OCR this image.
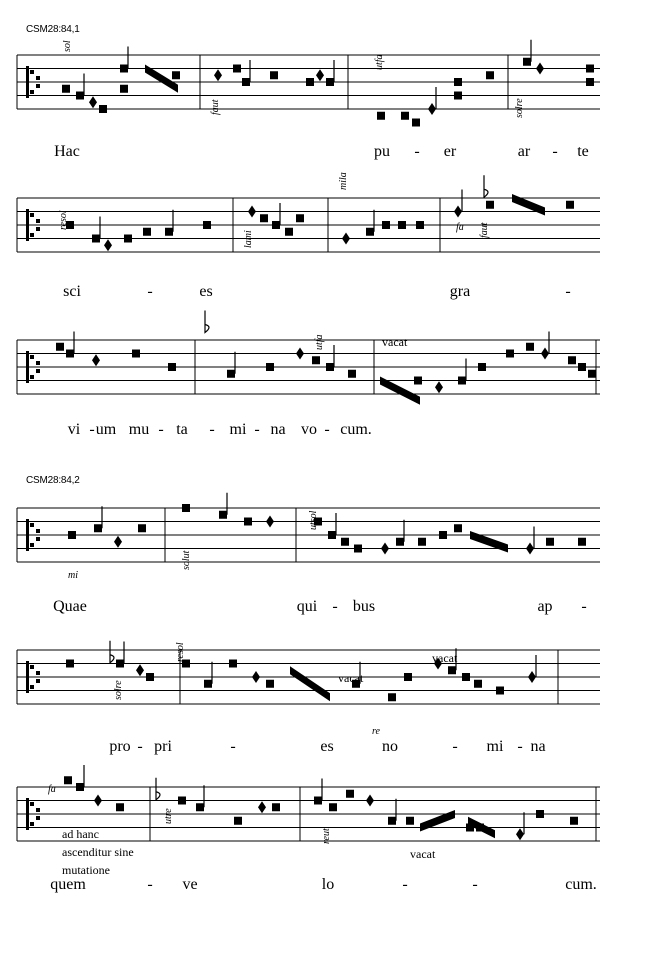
CSM28:84,1
CSM28:84,2
sol
faut
utfa
solre
resol
lami
mila
faut
utfa
solut
utsol
solre
resol
utre
reut
fa
mi
re
fa
vacat
vacat
vacat
vacat
ad hanc
ascenditur sine
mutatione
Hac	pu - er	ar - te
sci	-	es	gra	-
vi - um mu - ta - mi - na vo - cum.
Quae	qui - bus	ap -
pro - pri	-	es	no	- mi - na
quem	- ve	lo	-	-	cum.
